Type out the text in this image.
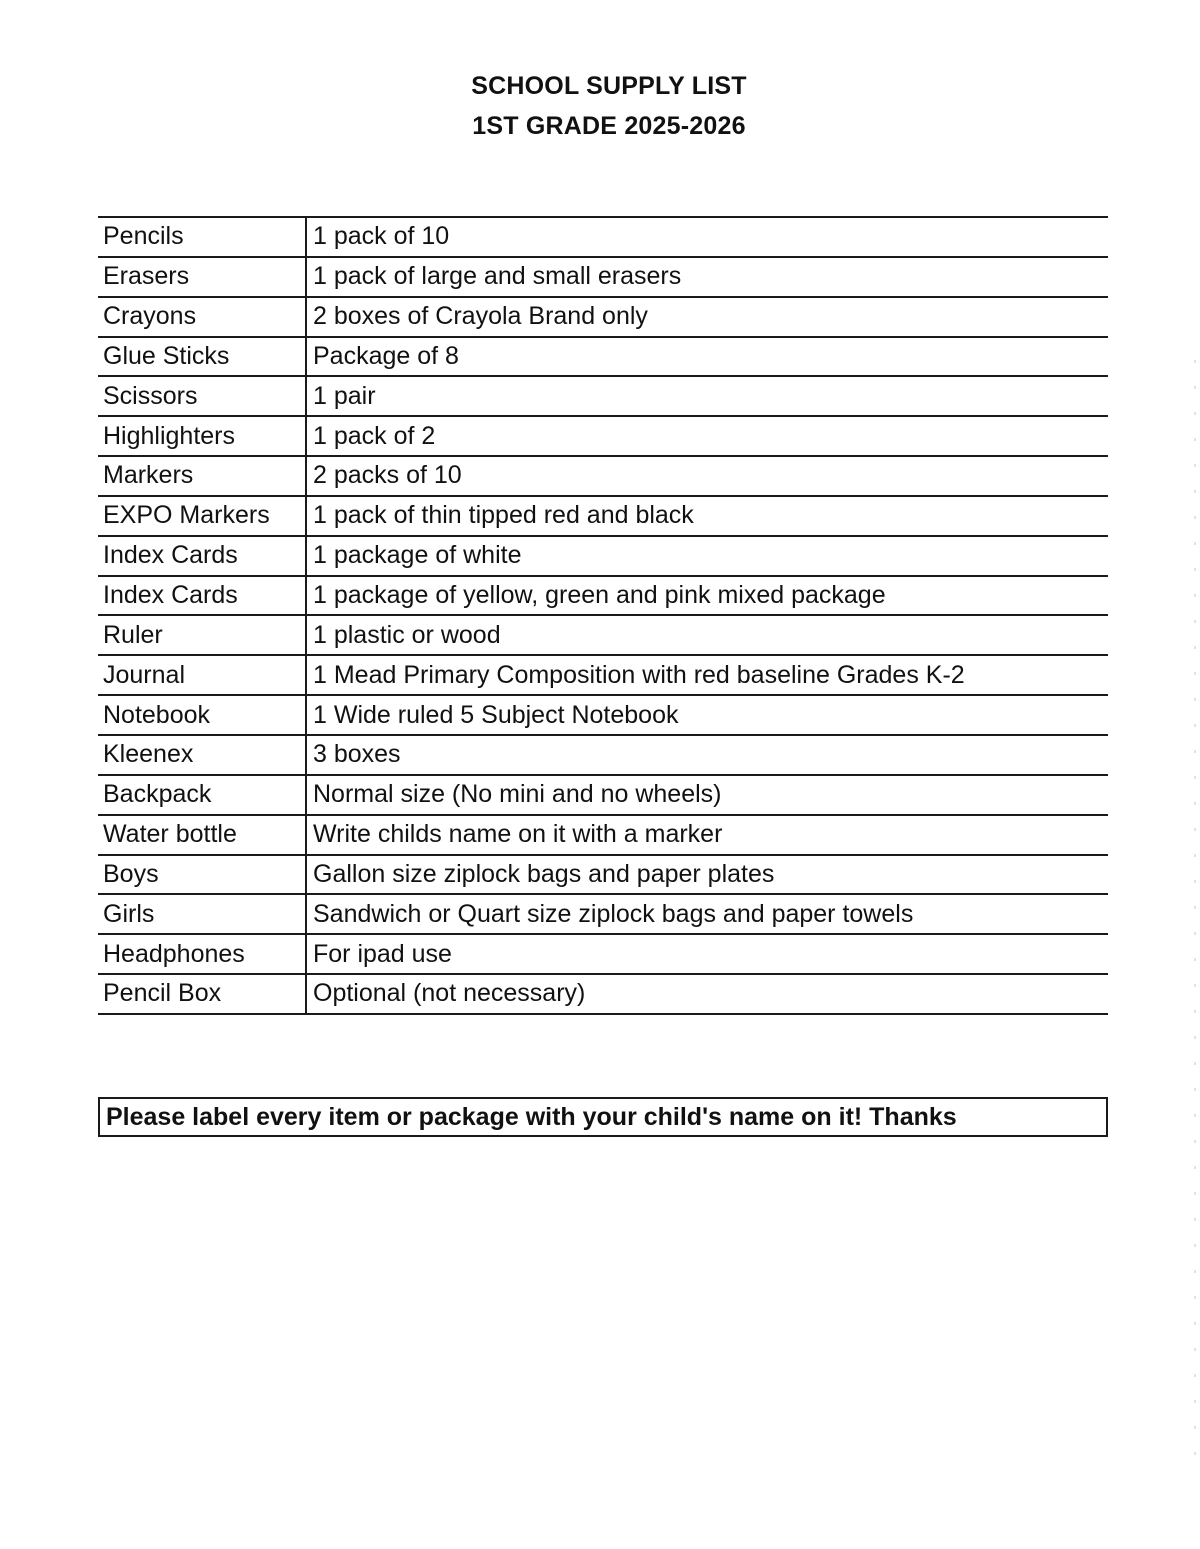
SCHOOL SUPPLY LIST
1ST GRADE 2025-2026
Pencils	1 pack of 10
Erasers	1 pack of large and small erasers
Crayons	2 boxes of Crayola Brand only
Glue Sticks	Package of 8
Scissors	1 pair
Highlighters	1 pack of 2
Markers	2 packs of 10
EXPO Markers	1 pack of thin tipped red and black
Index Cards	1 package of white
Index Cards	1 package of yellow, green and pink mixed package
Ruler	1 plastic or wood
Journal	1 Mead Primary Composition with red baseline Grades K-2
Notebook	1 Wide ruled 5 Subject Notebook
Kleenex	3 boxes
Backpack	Normal size (No mini and no wheels)
Water bottle	Write childs name on it with a marker
Boys	Gallon size ziplock bags and paper plates
Girls	Sandwich or Quart size ziplock bags and paper towels
Headphones	For ipad use
Pencil Box	Optional (not necessary)
Please label every item or package with your child's name on it! Thanks
